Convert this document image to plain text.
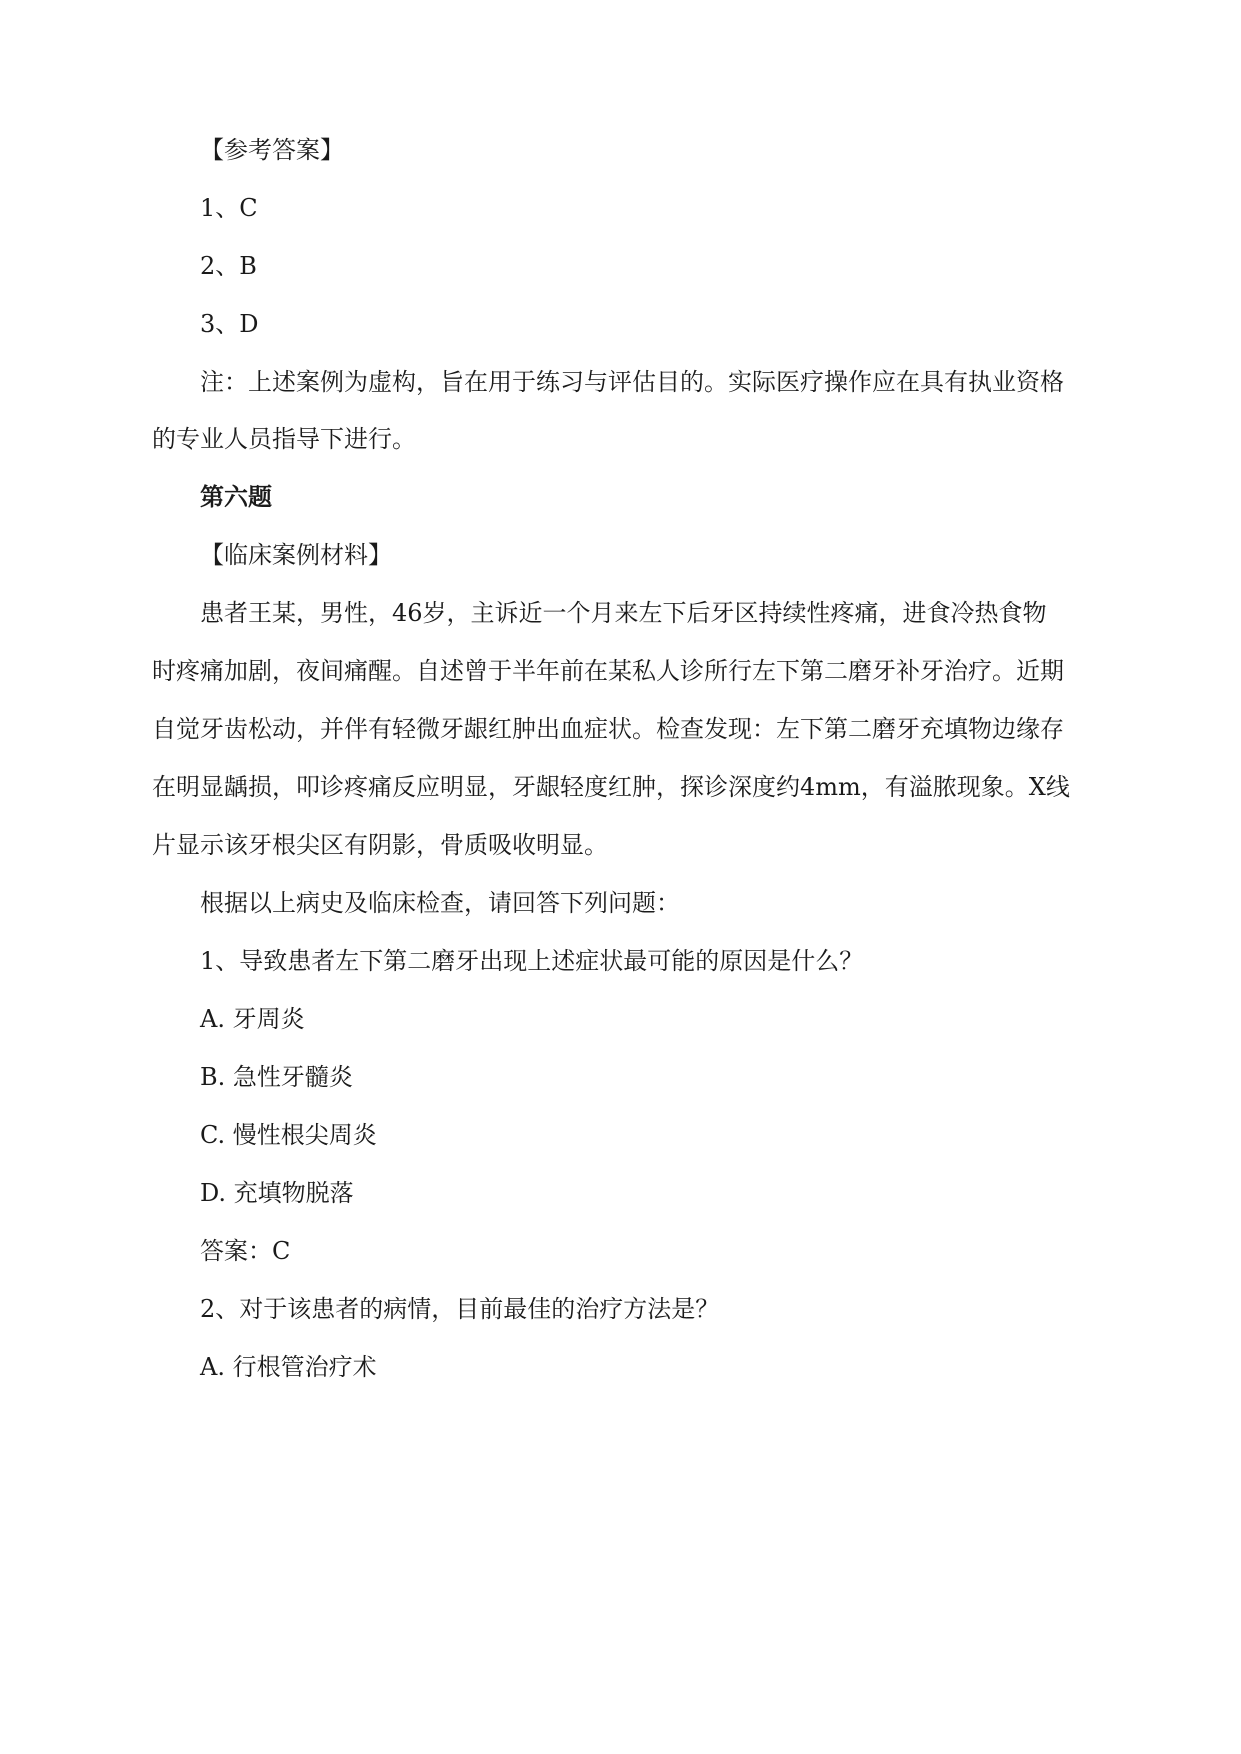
【参考答案】
1、C
2、B
3、D
注：上述案例为虚构，旨在用于练习与评估目的。实际医疗操作应在具有执业资格
的专业人员指导下进行。
第六题
【临床案例材料】
患者王某，男性，46岁，主诉近一个月来左下后牙区持续性疼痛，进食冷热食物
时疼痛加剧，夜间痛醒。自述曾于半年前在某私人诊所行左下第二磨牙补牙治疗。近期
自觉牙齿松动，并伴有轻微牙龈红肿出血症状。检查发现：左下第二磨牙充填物边缘存
在明显龋损，叩诊疼痛反应明显，牙龈轻度红肿，探诊深度约4mm，有溢脓现象。X线
片显示该牙根尖区有阴影，骨质吸收明显。
根据以上病史及临床检查，请回答下列问题：
1、导致患者左下第二磨牙出现上述症状最可能的原因是什么？
A. 牙周炎
B. 急性牙髓炎
C. 慢性根尖周炎
D. 充填物脱落
答案：C
2、对于该患者的病情，目前最佳的治疗方法是？
A. 行根管治疗术
